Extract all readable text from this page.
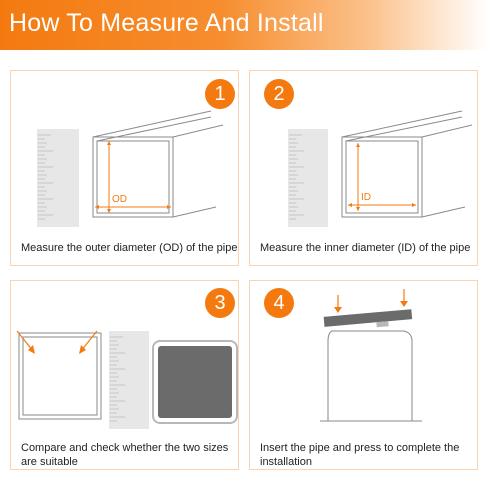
How To Measure And Install
1
OD
Measure the outer diameter (OD) of the pipe
2
ID
Measure the inner diameter (ID) of the pipe
3
Compare and check whether the two sizes
are suitable
4
Insert the pipe and press to complete the
installation
